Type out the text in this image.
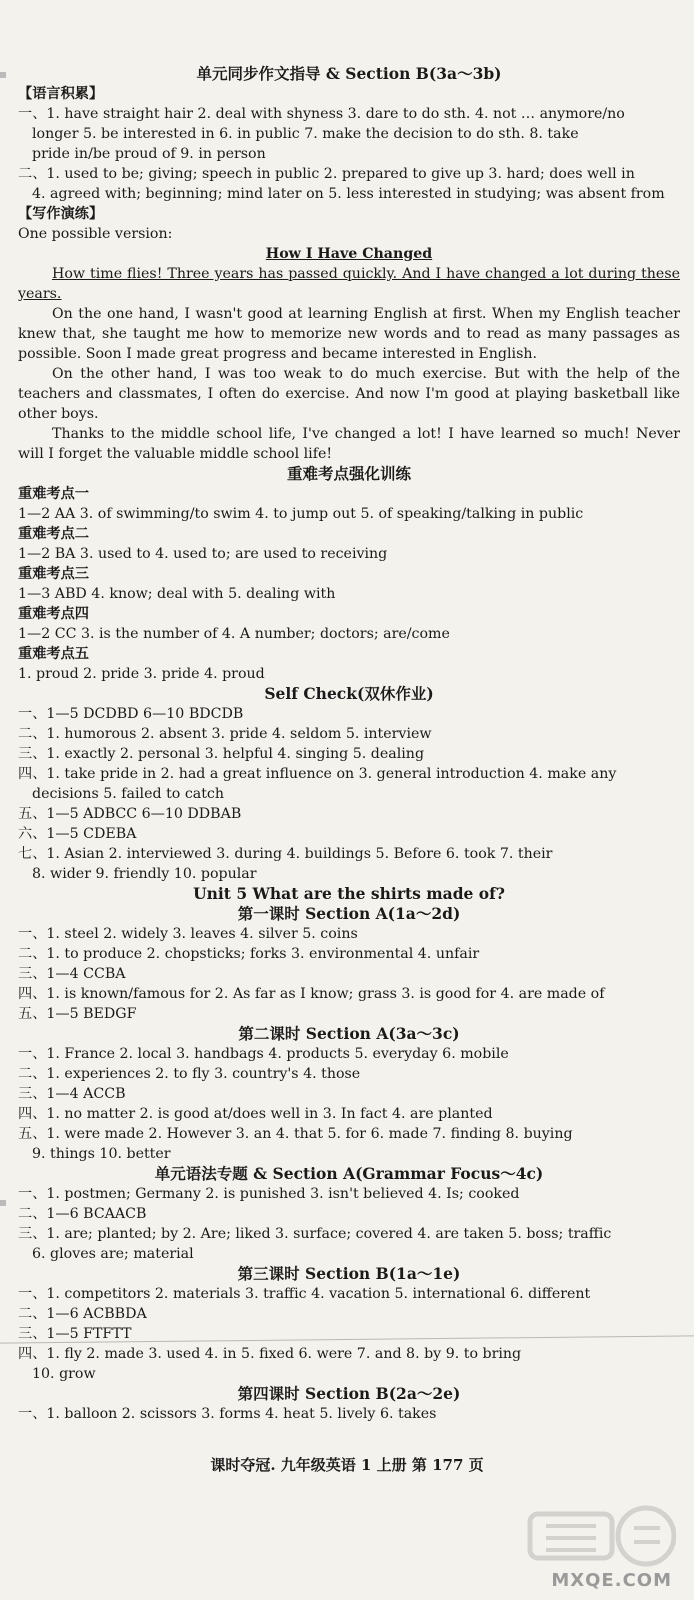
单元同步作文指导 & Section B(3a～3b)
【语言积累】
一、1. have straight hair 2. deal with shyness 3. dare to do sth. 4. not … anymore/no
longer 5. be interested in 6. in public 7. make the decision to do sth. 8. take
pride in/be proud of 9. in person
二、1. used to be; giving; speech in public 2. prepared to give up 3. hard; does well in
4. agreed with; beginning; mind later on 5. less interested in studying; was absent from
【写作演练】
One possible version:
How I Have Changed
How time flies! Three years has passed quickly. And I have changed a lot during these years.
On the one hand, I wasn't good at learning English at first. When my English teacher knew that, she taught me how to memorize new words and to read as many passages as possible. Soon I made great progress and became interested in English.
On the other hand, I was too weak to do much exercise. But with the help of the teachers and classmates, I often do exercise. And now I'm good at playing basketball like other boys.
Thanks to the middle school life, I've changed a lot! I have learned so much! Never will I forget the valuable middle school life!
重难考点强化训练
重难考点一
1—2 AA 3. of swimming/to swim 4. to jump out 5. of speaking/talking in public
重难考点二
1—2 BA 3. used to 4. used to; are used to receiving
重难考点三
1—3 ABD 4. know; deal with 5. dealing with
重难考点四
1—2 CC 3. is the number of 4. A number; doctors; are/come
重难考点五
1. proud 2. pride 3. pride 4. proud
Self Check(双休作业)
一、1—5 DCDBD 6—10 BDCDB
二、1. humorous 2. absent 3. pride 4. seldom 5. interview
三、1. exactly 2. personal 3. helpful 4. singing 5. dealing
四、1. take pride in 2. had a great influence on 3. general introduction 4. make any
decisions 5. failed to catch
五、1—5 ADBCC 6—10 DDBAB
六、1—5 CDEBA
七、1. Asian 2. interviewed 3. during 4. buildings 5. Before 6. took 7. their
8. wider 9. friendly 10. popular
Unit 5 What are the shirts made of?
第一课时 Section A(1a～2d)
一、1. steel 2. widely 3. leaves 4. silver 5. coins
二、1. to produce 2. chopsticks; forks 3. environmental 4. unfair
三、1—4 CCBA
四、1. is known/famous for 2. As far as I know; grass 3. is good for 4. are made of
五、1—5 BEDGF
第二课时 Section A(3a～3c)
一、1. France 2. local 3. handbags 4. products 5. everyday 6. mobile
二、1. experiences 2. to fly 3. country's 4. those
三、1—4 ACCB
四、1. no matter 2. is good at/does well in 3. In fact 4. are planted
五、1. were made 2. However 3. an 4. that 5. for 6. made 7. finding 8. buying
9. things 10. better
单元语法专题 & Section A(Grammar Focus～4c)
一、1. postmen; Germany 2. is punished 3. isn't believed 4. Is; cooked
二、1—6 BCAACB
三、1. are; planted; by 2. Are; liked 3. surface; covered 4. are taken 5. boss; traffic
6. gloves are; material
第三课时 Section B(1a～1e)
一、1. competitors 2. materials 3. traffic 4. vacation 5. international 6. different
二、1—6 ACBBDA
三、1—5 FTFTT
四、1. fly 2. made 3. used 4. in 5. fixed 6. were 7. and 8. by 9. to bring
10. grow
第四课时 Section B(2a～2e)
一、1. balloon 2. scissors 3. forms 4. heat 5. lively 6. takes
课时夺冠. 九年级英语 1 上册 第 177 页
MXQE.COM
